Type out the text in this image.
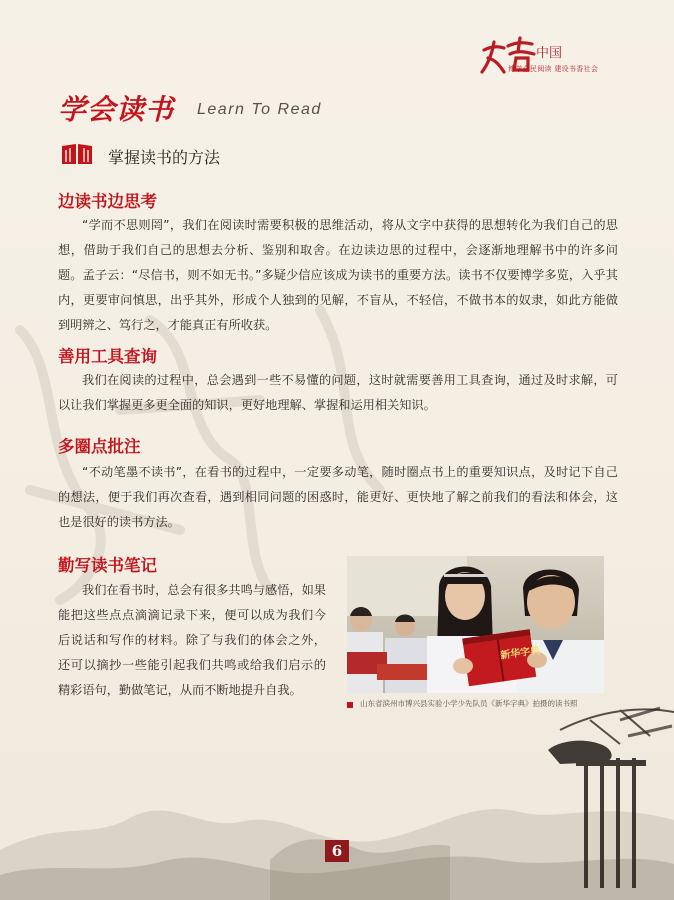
中国
博学全民阅读 建设书香社会
学会读书 Learn To Read
掌握读书的方法
边读书边思考

“学而不思则罔”，我们在阅读时需要积极的思维活动，将从文字中获得的思想转化为我们自己的思想，借助于我们自己的思想去分析、鉴别和取舍。在边读边思的过程中，会逐渐地理解书中的许多问题。孟子云：“尽信书，则不如无书。”多疑少信应该成为读书的重要方法。读书不仅要博学多览，入乎其内，更要审问慎思，出乎其外，形成个人独到的见解，不盲从，不轻信，不做书本的奴隶，如此方能做到明辨之、笃行之，才能真正有所收获。

善用工具查询

我们在阅读的过程中，总会遇到一些不易懂的问题，这时就需要善用工具查询，通过及时求解，可以让我们掌握更多更全面的知识，更好地理解、掌握和运用相关知识。

多圈点批注

“不动笔墨不读书”，在看书的过程中，一定要多动笔，随时圈点书上的重要知识点，及时记下自己的想法，便于我们再次查看，遇到相同问题的困惑时，能更好、更快地了解之前我们的看法和体会，这也是很好的读书方法。

勤写读书笔记

我们在看书时，总会有很多共鸣与感悟，如果能把这些点点滴滴记录下来，便可以成为我们今后说话和写作的材料。除了与我们的体会之外，还可以摘抄一些能引起我们共鸣或给我们启示的精彩语句，勤做笔记，从而不断地提升自我。

新华字典
山东省滨州市博兴县实验小学少先队员《新华字典》拍摄的读书照
6
